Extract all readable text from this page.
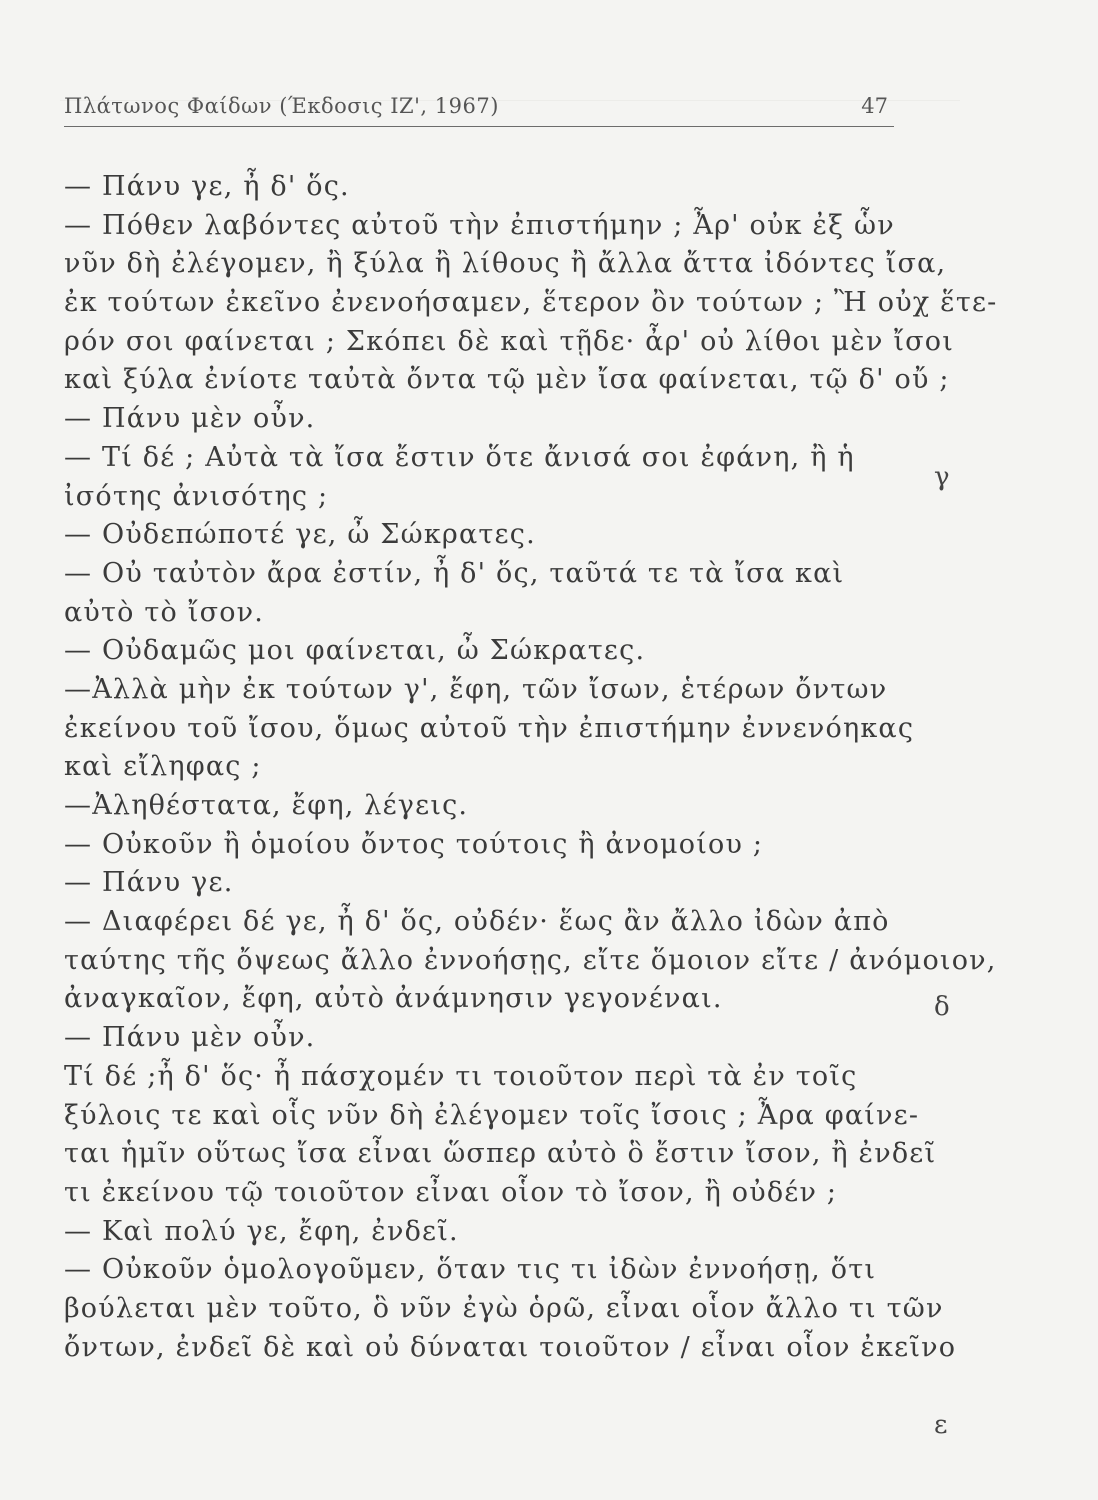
Πλάτωνος Φαίδων (Έκδοσις ΙΖ', 1967)	47
— Πάνυ γε, ἦ δ' ὅς.
— Πόθεν λαβόντες αὐτοῦ τὴν ἐπιστήμην ; Ἆρ' οὐκ ἐξ ὧν
νῦν δὴ ἐλέγομεν, ἢ ξύλα ἢ λίθους ἢ ἄλλα ἄττα ἰδόντες ἴσα,
ἐκ τούτων ἐκεῖνο ἐνενοήσαμεν, ἕτερον ὂν τούτων ; Ἢ οὐχ ἕτε-
ρόν σοι φαίνεται ; Σκόπει δὲ καὶ τῇδε· ἆρ' οὐ λίθοι μὲν ἴσοι
καὶ ξύλα ἐνίοτε ταὐτὰ ὄντα τῷ μὲν ἴσα φαίνεται, τῷ δ' οὔ ;
— Πάνυ μὲν οὖν.
— Τί δέ ; Αὐτὰ τὰ ἴσα ἔστιν ὅτε ἄνισά σοι ἐφάνη, ἢ ἡ
ἰσότης ἀνισότης ;
— Οὐδεπώποτέ γε, ὦ Σώκρατες.
— Οὐ ταὐτὸν ἄρα ἐστίν, ἦ δ' ὅς, ταῦτά τε τὰ ἴσα καὶ
αὐτὸ τὸ ἴσον.
— Οὐδαμῶς μοι φαίνεται, ὦ Σώκρατες.
—Ἀλλὰ μὴν ἐκ τούτων γ', ἔφη, τῶν ἴσων, ἑτέρων ὄντων
ἐκείνου τοῦ ἴσου, ὅμως αὐτοῦ τὴν ἐπιστήμην ἐννενόηκας
καὶ εἴληφας ;
—Ἀληθέστατα, ἔφη, λέγεις.
— Οὐκοῦν ἢ ὁμοίου ὄντος τούτοις ἢ ἀνομοίου ;
— Πάνυ γε.
— Διαφέρει δέ γε, ἦ δ' ὅς, οὐδέν· ἕως ἂν ἄλλο ἰδὼν ἀπὸ
ταύτης τῆς ὄψεως ἄλλο ἐννοήσῃς, εἴτε ὅμοιον εἴτε / ἀνόμοιον,
ἀναγκαῖον, ἔφη, αὐτὸ ἀνάμνησιν γεγονέναι.
— Πάνυ μὲν οὖν.
Τί δέ ;ἦ δ' ὅς· ἦ πάσχομέν τι τοιοῦτον περὶ τὰ ἐν τοῖς
ξύλοις τε καὶ οἷς νῦν δὴ ἐλέγομεν τοῖς ἴσοις ; Ἆρα φαίνε-
ται ἡμῖν οὕτως ἴσα εἶναι ὥσπερ αὐτὸ ὃ ἔστιν ἴσον, ἢ ἐνδεῖ
τι ἐκείνου τῷ τοιοῦτον εἶναι οἷον τὸ ἴσον, ἢ οὐδέν ;
— Καὶ πολύ γε, ἔφη, ἐνδεῖ.
— Οὐκοῦν ὁμολογοῦμεν, ὅταν τις τι ἰδὼν ἐννοήσῃ, ὅτι
βούλεται μὲν τοῦτο, ὃ νῦν ἐγὼ ὁρῶ, εἶναι οἷον ἄλλο τι τῶν
ὄντων, ἐνδεῖ δὲ καὶ οὐ δύναται τοιοῦτον / εἶναι οἷον ἐκεῖνο
γ
δ
ε
